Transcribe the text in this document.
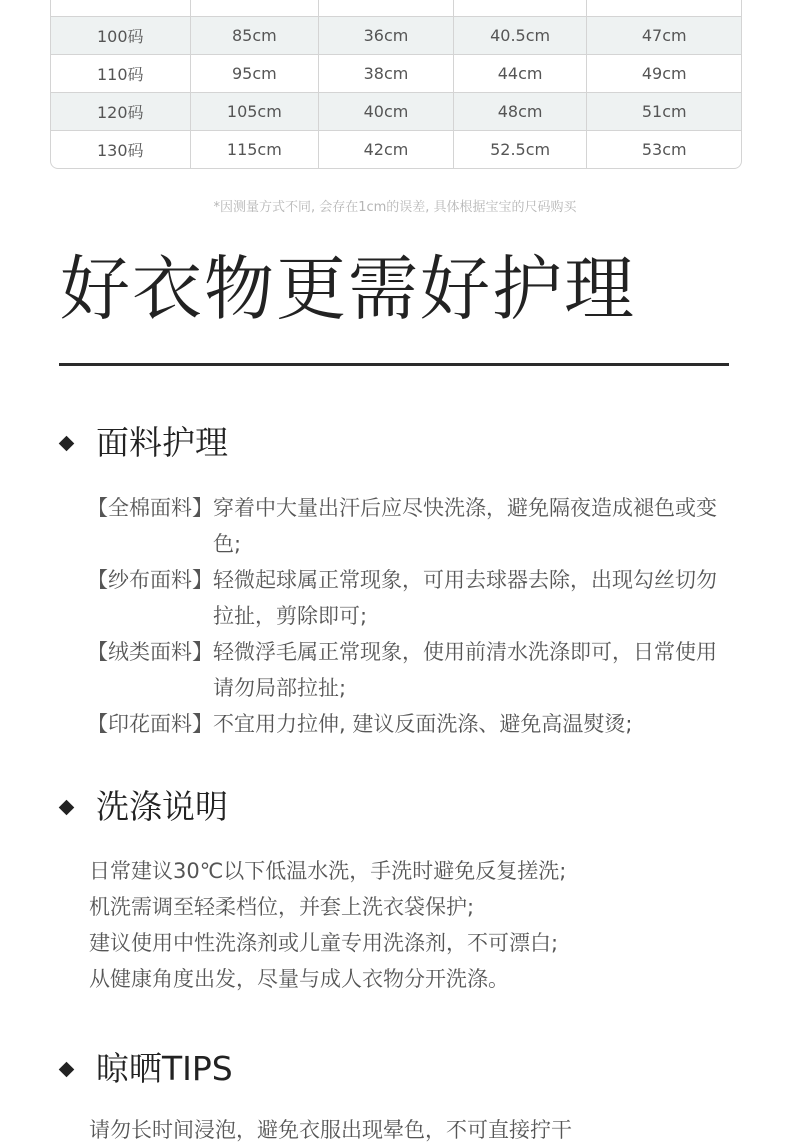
100码	85cm	36cm	40.5cm	47cm
110码	95cm	38cm	44cm	49cm
120码	105cm	40cm	48cm	51cm
130码	115cm	42cm	52.5cm	53cm
*因测量方式不同, 会存在1cm的误差, 具体根据宝宝的尺码购买
好衣物更需好护理
面料护理
【全棉面料】 穿着中大量出汗后应尽快洗涤，避免隔夜造成褪色或变色;
【纱布面料】 轻微起球属正常现象，可用去球器去除，出现勾丝切勿拉扯，剪除即可;
【绒类面料】 轻微浮毛属正常现象，使用前清水洗涤即可，日常使用请勿局部拉扯;
【印花面料】 不宜用力拉伸, 建议反面洗涤、避免高温熨烫;
洗涤说明
日常建议30℃以下低温水洗，手洗时避免反复搓洗;
机洗需调至轻柔档位，并套上洗衣袋保护;
建议使用中性洗涤剂或儿童专用洗涤剂，不可漂白;
从健康角度出发，尽量与成人衣物分开洗涤。
晾晒TIPS
请勿长时间浸泡，避免衣服出现晕色，不可直接拧干
